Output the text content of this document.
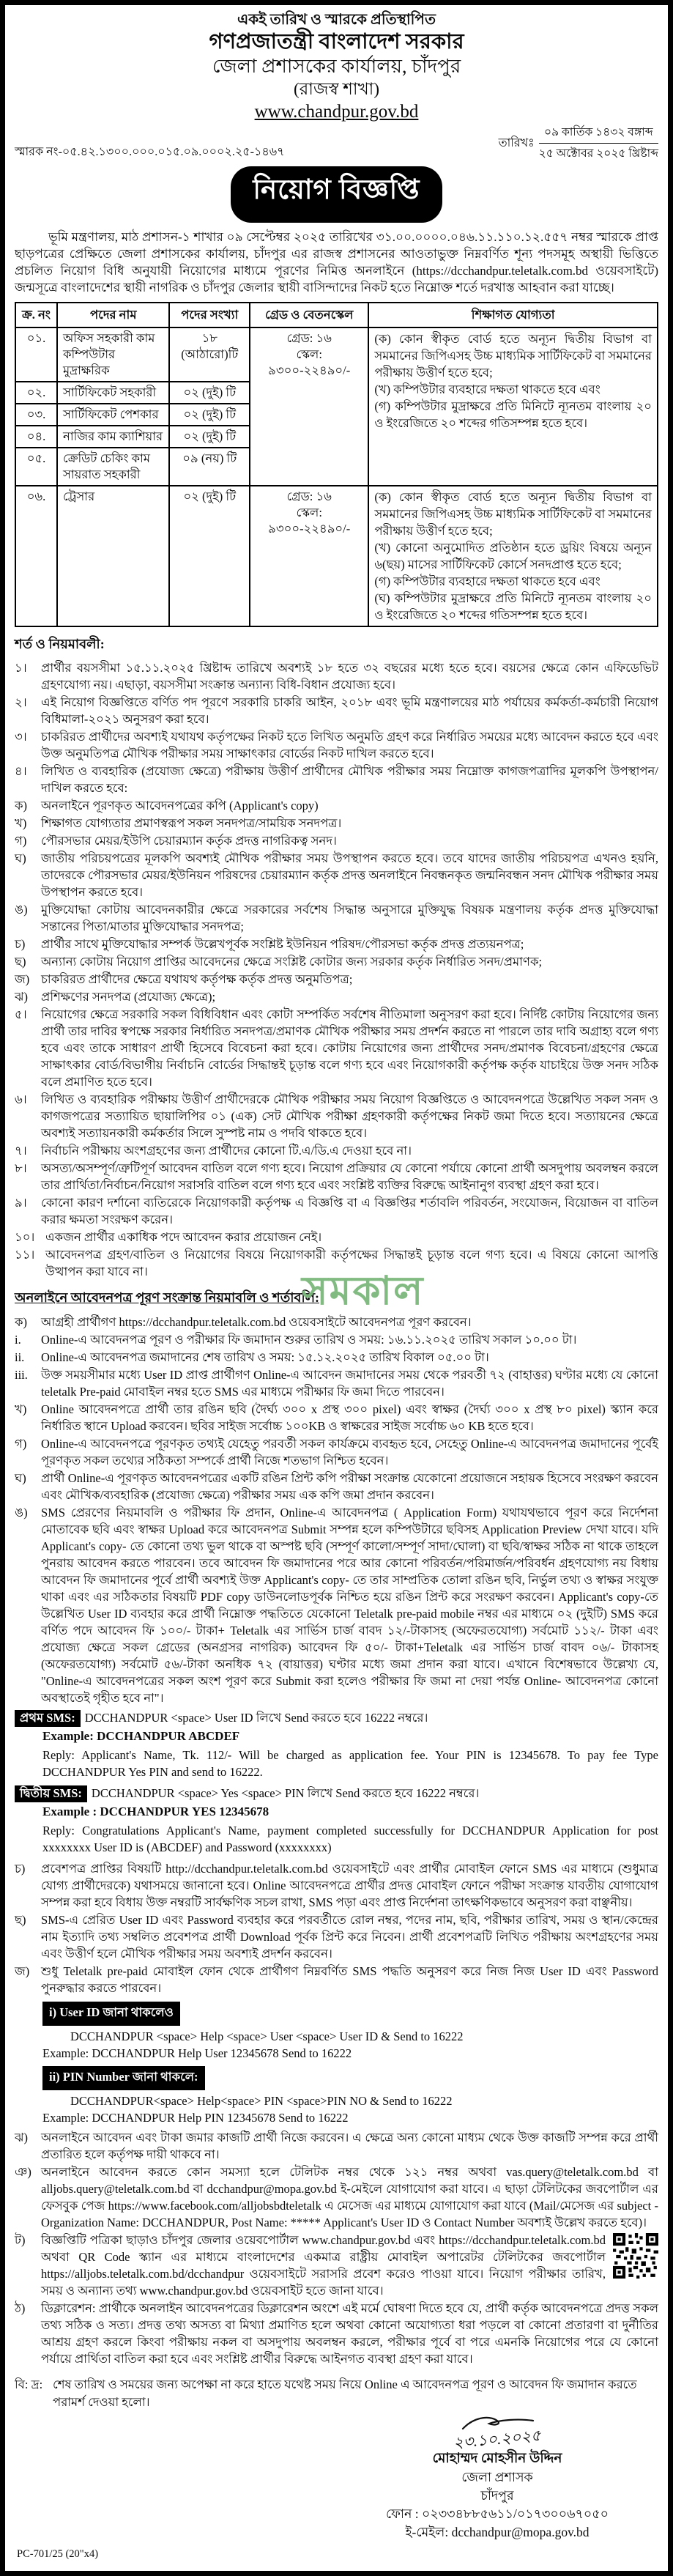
একই তারিখ ও স্মারকে প্রতিস্থাপিত
গণপ্রজাতন্ত্রী বাংলাদেশ সরকার
জেলা প্রশাসকের কার্যালয়, চাঁদপুর
(রাজস্ব শাখা)
www.chandpur.gov.bd
স্মারক নং-০৫.৪২.১৩০০.০০০.০১৫.০৯.০০০২.২৫-১৪৬৭
তারিখঃ
০৯ কার্তিক ১৪৩২ বঙ্গাব্দ
২৫ অক্টোবর ২০২৫ খ্রিষ্টাব্দ
নিয়োগ বিজ্ঞপ্তি

ভূমি মন্ত্রণালয়, মাঠ প্রশাসন-১ শাখার ০৯ সেপ্টেম্বর ২০২৫ তারিখের ৩১.০০.০০০০.০৪৬.১১.১১০.১২.৫৫৭ নম্বর স্মারকে প্রাপ্ত ছাড়পত্রের প্রেক্ষিতে জেলা প্রশাসকের কার্যালয়, চাঁদপুর এর রাজস্ব প্রশাসনের আওতাভুক্ত নিম্নবর্ণিত শূন্য পদসমূহ অস্থায়ী ভিত্তিতে প্রচলিত নিয়োগ বিধি অনুযায়ী নিয়োগের মাধ্যমে পূরণের নিমিত্ত অনলাইনে (https://dcchandpur.teletalk.com.bd ওয়েবসাইটে) জন্মসূত্রে বাংলাদেশের স্থায়ী নাগরিক ও চাঁদপুর জেলার স্থায়ী বাসিন্দাদের নিকট হতে নিম্নোক্ত শর্তে দরখাস্ত আহবান করা যাচ্ছে।

ক্র. নং	পদের নাম	পদের সংখ্যা	গ্রেড ও বেতনস্কেল	শিক্ষাগত যোগ্যতা
০১.	অফিস সহকারী কাম কম্পিউটার মুদ্রাক্ষরিক	১৮ (আঠারো)টি	
গ্রেড: ১৬
স্কেল: ৯৩০০-২২৪৯০/-

(ক) কোন স্বীকৃত বোর্ড হতে অন্যূন দ্বিতীয় বিভাগ বা সমমানের জিপিএসহ উচ্চ মাধ্যমিক সার্টিফিকেট বা সমমানের পরীক্ষায় উত্তীর্ণ হতে হবে;

(খ) কম্পিউটার ব্যবহারে দক্ষতা থাকতে হবে এবং

(গ) কম্পিউটার মুদ্রাক্ষরে প্রতি মিনিটে ন্যূনতম বাংলায় ২০ ও ইংরেজিতে ২০ শব্দের গতিসম্পন্ন হতে হবে।

০২.	সার্টিফিকেট সহকারী	০২ (দুই) টি		
০৩.	সার্টিফিকেট পেশকার	০২ (দুই) টি		
০৪.	নাজির কাম ক্যাশিয়ার	০২ (দুই) টি		
০৫.	ক্রেডিট চেকিং কাম সায়রাত সহকারী	০৯ (নয়) টি		
০৬.	ট্রেসার	০২ (দুই) টি	গ্রেড: ১৬
স্কেল: ৯৩০০-২২৪৯০/-

(ক) কোন স্বীকৃত বোর্ড হতে অন্যূন দ্বিতীয় বিভাগ বা সমমানের জিপিএসহ উচ্চ মাধ্যমিক সার্টিফিকেট বা সমমানের পরীক্ষায় উত্তীর্ণ হতে হবে;

(খ) কোনো অনুমোদিত প্রতিষ্ঠান হতে ড্রয়িং বিষয়ে অন্যূন ৬(ছয়) মাসের সার্টিফিকেট কোর্সে সনদপ্রাপ্ত হতে হবে;

(গ) কম্পিউটার ব্যবহারে দক্ষতা থাকতে হবে এবং

(ঘ) কম্পিউটার মুদ্রাক্ষরে প্রতি মিনিটে ন্যূনতম বাংলায় ২০ ও ইংরেজিতে ২০ শব্দের গতিসম্পন্ন হতে হবে।

শর্ত ও নিয়মাবলী:
১।	প্রার্থীর বয়সসীমা ১৫.১১.২০২৫ খ্রিষ্টাব্দ তারিখে অবশ্যই ১৮ হতে ৩২ বছরের মধ্যে হতে হবে। বয়সের ক্ষেত্রে কোন এফিডেভিট গ্রহণযোগ্য নয়। এছাড়া, বয়সসীমা সংক্রান্ত অন্যান্য বিধি-বিধান প্রযোজ্য হবে।
২।	এই নিয়োগ বিজ্ঞপ্তিতে বর্ণিত পদ পূরণে সরকারি চাকরি আইন, ২০১৮ এবং ভূমি মন্ত্রণালয়ের মাঠ পর্যায়ের কর্মকর্তা-কর্মচারী নিয়োগ বিধিমালা-২০২১ অনুসরণ করা হবে।
৩।	চাকরিরত প্রার্থীদের অবশ্যই যথাযথ কর্তৃপক্ষের নিকট হতে লিখিত অনুমতি গ্রহণ করে নির্ধারিত সময়ের মধ্যে আবেদন করতে হবে এবং উক্ত অনুমতিপত্র মৌখিক পরীক্ষার সময় সাক্ষাৎকার বোর্ডের নিকট দাখিল করতে হবে।
৪।	লিখিত ও ব্যবহারিক (প্রযোজ্য ক্ষেত্রে) পরীক্ষায় উত্তীর্ণ প্রার্থীদের মৌখিক পরীক্ষার সময় নিম্নোক্ত কাগজপত্রাদির মূলকপি উপস্থাপন/দাখিল করতে হবে:
ক)	অনলাইনে পূরণকৃত আবেদনপত্রের কপি (Applicant's copy)
খ)	শিক্ষাগত যোগ্যতার প্রমাণস্বরূপ সকল সনদপত্র/সাময়িক সনদপত্র।
গ)	পৌরসভার মেয়র/ইউপি চেয়ারম্যান কর্তৃক প্রদত্ত নাগরিকত্ব সনদ।
ঘ)	জাতীয় পরিচয়পত্রের মূলকপি অবশ্যই মৌখিক পরীক্ষার সময় উপস্থাপন করতে হবে। তবে যাদের জাতীয় পরিচয়পত্র এখনও হয়নি, তাদেরকে পৌরসভার মেয়র/ইউনিয়ন পরিষদের চেয়ারম্যান কর্তৃক প্রদত্ত অনলাইনে নিবন্ধনকৃত জন্মনিবন্ধন সনদ মৌখিক পরীক্ষার সময় উপস্থাপন করতে হবে।
ঙ)	মুক্তিযোদ্ধা কোটায় আবেদনকারীর ক্ষেত্রে সরকারের সর্বশেষ সিদ্ধান্ত অনুসারে মুক্তিযুদ্ধ বিষয়ক মন্ত্রণালয় কর্তৃক প্রদত্ত মুক্তিযোদ্ধা সন্তানের পিতা/মাতার মুক্তিযোদ্ধার সনদপত্র;
চ)	প্রার্থীর সাথে মুক্তিযোদ্ধার সম্পর্ক উল্লেখপূর্বক সংশ্লিষ্ট ইউনিয়ন পরিষদ/পৌরসভা কর্তৃক প্রদত্ত প্রত্যয়নপত্র;
ছ)	অন্যান্য কোটায় নিয়োগ প্রাপ্তির আবেদনের ক্ষেত্রে সংশ্লিষ্ট কোটার জন্য সরকার কর্তৃক নির্ধারিত সনদ/প্রমাণক;
জ) চাকরিরত প্রার্থীদের ক্ষেত্রে যথাযথ কর্তৃপক্ষ কর্তৃক প্রদত্ত অনুমতিপত্র;
ঝ)	প্রশিক্ষণের সনদপত্র (প্রযোজ্য ক্ষেত্রে);
৫।	নিয়োগের ক্ষেত্রে সরকারি সকল বিধিবিধান এবং কোটা সম্পর্কিত সর্বশেষ নীতিমালা অনুসরণ করা হবে। নির্দিষ্ট কোটায় নিয়োগের জন্য প্রার্থী তার দাবির স্বপক্ষে সরকার নির্ধারিত সনদপত্র/প্রমাণক মৌখিক পরীক্ষার সময় প্রদর্শন করতে না পারলে তার দাবি অগ্রাহ্য বলে গণ্য হবে এবং তাকে সাধারণ প্রার্থী হিসেবে বিবেচনা করা হবে। কোটায় নিয়োগের জন্য প্রার্থীদের সনদ/প্রমাণক বিবেচনা/গ্রহণের ক্ষেত্রে সাক্ষাৎকার বোর্ড/বিভাগীয় নির্বাচনি বোর্ডের সিদ্ধান্তই চূড়ান্ত বলে গণ্য হবে এবং নিয়োগকারী কর্তৃপক্ষ কর্তৃক যাচাইয়ে উক্ত সনদ সঠিক বলে প্রমাণিত হতে হবে।
৬।	লিখিত ও ব্যবহারিক পরীক্ষায় উত্তীর্ণ প্রার্থীদেরকে মৌখিক পরীক্ষার সময় নিয়োগ বিজ্ঞপ্তিতে ও আবেদনপত্রে উল্লেখিত সকল সনদ ও কাগজপত্রের সত্যায়িত ছায়ালিপির ০১ (এক) সেট মৌখিক পরীক্ষা গ্রহণকারী কর্তৃপক্ষের নিকট জমা দিতে হবে। সত্যায়নের ক্ষেত্রে অবশ্যই সত্যায়নকারী কর্মকর্তার সিলে সুস্পষ্ট নাম ও পদবি থাকতে হবে।
৭।	নির্বাচনি পরীক্ষায় অংশগ্রহণের জন্য প্রার্থীদের কোনো টি.এ/ডি.এ দেওয়া হবে না।
৮।	অসত্য/অসম্পূর্ণ/ত্রুটিপূর্ণ আবেদন বাতিল বলে গণ্য হবে। নিয়োগ প্রক্রিয়ার যে কোনো পর্যায়ে কোনো প্রার্থী অসদুপায় অবলম্বন করলে তার প্রার্থিতা/নির্বাচন/নিয়োগ সরাসরি বাতিল বলে গণ্য হবে এবং সংশ্লিষ্ট ব্যক্তির বিরুদ্ধে আইনানুগ ব্যবস্থা গ্রহণ করা হবে।
৯।	কোনো কারণ দর্শানো ব্যতিরেকে নিয়োগকারী কর্তৃপক্ষ এ বিজ্ঞপ্তি বা এ বিজ্ঞপ্তির শর্তাবলি পরিবর্তন, সংযোজন, বিয়োজন বা বাতিল করার ক্ষমতা সংরক্ষণ করেন।
১০। একজন প্রার্থীর একাধিক পদে আবেদন করার প্রয়োজন নেই।
১১। আবেদনপত্র গ্রহণ/বাতিল ও নিয়োগের বিষয়ে নিয়োগকারী কর্তৃপক্ষের সিদ্ধান্তই চূড়ান্ত বলে গণ্য হবে। এ বিষয়ে কোনো আপত্তি উত্থাপন করা যাবে না।
অনলাইনে আবেদনপত্র পূরণ সংক্রান্ত নিয়মাবলি ও শর্তাবলি:
সমকাল
ক)	আগ্রহী প্রার্থীগণ https://dcchandpur.teletalk.com.bd ওয়েবসাইটে আবেদনপত্র পূরণ করবেন।
i.	Online-এ আবেদনপত্র পূরণ ও পরীক্ষার ফি জমাদান শুরুর তারিখ ও সময়: ১৬.১১.২০২৫ তারিখ সকাল ১০.০০ টা।
ii.	Online-এ আবেদনপত্র জমাদানের শেষ তারিখ ও সময়: ১৫.১২.২০২৫ তারিখ বিকাল ০৫.০০ টা।
iii.	উক্ত সময়সীমার মধ্যে User ID প্রাপ্ত প্রার্থীগণ Online-এ আবেদন জমাদানের সময় থেকে পরবর্তী ৭২ (বাহাত্তর) ঘণ্টার মধ্যে যে কোনো teletalk Pre-paid মোবাইল নম্বর হতে SMS এর মাধ্যমে পরীক্ষার ফি জমা দিতে পারবেন।
খ)	Online আবেদনপত্রে প্রার্থী তার রঙিন ছবি (দৈর্ঘ্য ৩০০ x প্রস্থ ৩০০ pixel) এবং স্বাক্ষর (দৈর্ঘ্য ৩০০ x প্রস্থ ৮০ pixel) স্ক্যান করে নির্ধারিত স্থানে Upload করবেন। ছবির সাইজ সর্বোচ্চ ১০০KB ও স্বাক্ষরের সাইজ সর্বোচ্চ ৬০ KB হতে হবে।
গ)	Online-এ আবেদনপত্রে পূরণকৃত তথ্যই যেহেতু পরবর্তী সকল কার্যক্রমে ব্যবহৃত হবে, সেহেতু Online-এ আবেদনপত্র জমাদানের পূর্বেই পূরণকৃত সকল তথ্যের সঠিকতা সম্পর্কে প্রার্থী নিজে শতভাগ নিশ্চিত হবেন।
ঘ)	প্রার্থী Online-এ পূরণকৃত আবেদনপত্রের একটি রঙিন প্রিন্ট কপি পরীক্ষা সংক্রান্ত যেকোনো প্রয়োজনে সহায়ক হিসেবে সংরক্ষণ করবেন এবং মৌখিক/ব্যবহারিক (প্রযোজ্য ক্ষেত্রে) পরীক্ষার সময় এক কপি জমা প্রদান করবেন।
ঙ)	SMS প্রেরণের নিয়মাবলি ও পরীক্ষার ফি প্রদান, Online-এ আবেদনপত্র ( Application Form) যথাযথভাবে পূরণ করে নির্দেশনা মোতাবেক ছবি এবং স্বাক্ষর Upload করে আবেদনপত্র Submit সম্পন্ন হলে কম্পিউটারে ছবিসহ Application Preview দেখা যাবে। যদি Applicant's copy- তে কোনো তথ্য ভুল থাকে বা অস্পষ্ট ছবি (সম্পূর্ণ কালো/সম্পূর্ণ সাদা/ঘোলা) বা ছবি/স্বাক্ষর সঠিক না থাকে তাহলে পুনরায় আবেদন করতে পারবেন। তবে আবেদন ফি জমাদানের পরে আর কোনো পরিবর্তন/পরিমার্জন/পরিবর্ধন গ্রহণযোগ্য নয় বিধায় আবেদন ফি জমাদানের পূর্বে প্রার্থী অবশ্যই উক্ত Applicant's copy- তে তার সাম্প্রতিক তোলা রঙিন ছবি, নির্ভুল তথ্য ও স্বাক্ষর সংযুক্ত থাকা এবং এর সঠিকতার বিষয়টি PDF copy ডাউনলোডপূর্বক নিশ্চিত হয়ে রঙিন প্রিন্ট করে সংরক্ষণ করবেন। Applicant's copy-তে উল্লেখিত User ID ব্যবহার করে প্রার্থী নিম্নোক্ত পদ্ধতিতে যেকোনো Teletalk pre-paid mobile নম্বর এর মাধ্যমে ০২ (দুইটি) SMS করে বর্ণিত পদে আবেদন ফি ১০০/- টাকা+ Teletalk এর সার্ভিস চার্জ বাবদ ১২/-টাকাসহ (অফেরতযোগ্য) সর্বমোট ১১২/- টাকা এবং প্রযোজ্য ক্ষেত্রে সকল গ্রেডের (অনগ্রসর নাগরিক) আবেদন ফি ৫০/- টাকা+Teletalk এর সার্ভিস চার্জ বাবদ ০৬/- টাকাসহ (অফেরতযোগ্য) সর্বমোট ৫৬/-টাকা অনধিক ৭২ (বায়াত্তর) ঘণ্টার মধ্যে জমা প্রদান করা যাবে। এখানে বিশেষভাবে উল্লেখ্য যে, "Online-এ আবেদনপত্রের সকল অংশ পূরণ করে Submit করা হলেও পরীক্ষার ফি জমা না দেয়া পর্যন্ত Online- আবেদনপত্র কোনো অবস্থাতেই গৃহীত হবে না"।
প্রথম SMS: DCCHANDPUR <space> User ID লিখে Send করতে হবে 16222 নম্বরে।
Example: DCCHANDPUR ABCDEF
Reply: Applicant's Name, Tk. 112/- Will be charged as application fee. Your PIN is 12345678. To pay fee Type DCCHANDPUR Yes PIN and send to 16222.
দ্বিতীয় SMS: DCCHANDPUR <space> Yes <space> PIN লিখে Send করতে হবে 16222 নম্বরে।
Example : DCCHANDPUR YES 12345678
Reply: Congratulations Applicant's Name, payment completed successfully for DCCHANDPUR Application for post xxxxxxxx User ID is (ABCDEF) and Password (xxxxxxxx)
চ)	প্রবেশপত্র প্রাপ্তির বিষয়টি http://dcchandpur.teletalk.com.bd ওয়েবসাইটে এবং প্রার্থীর মোবাইল ফোনে SMS এর মাধ্যমে (শুধুমাত্র যোগ্য প্রার্থীদেরকে) যথাসময়ে জানানো হবে। Online আবেদনপত্রে প্রার্থীর প্রদত্ত মোবাইল ফোনে পরীক্ষা সংক্রান্ত যাবতীয় যোগাযোগ সম্পন্ন করা হবে বিধায় উক্ত নম্বরটি সার্বক্ষণিক সচল রাখা, SMS পড়া এবং প্রাপ্ত নির্দেশনা তাৎক্ষণিকভাবে অনুসরণ করা বাঞ্ছনীয়।
ছ)	SMS-এ প্রেরিত User ID এবং Password ব্যবহার করে পরবর্তীতে রোল নম্বর, পদের নাম, ছবি, পরীক্ষার তারিখ, সময় ও স্থান/কেন্দ্রের নাম ইত্যাদি তথ্য সম্বলিত প্রবেশপত্র প্রার্থী Download পূর্বক প্রিন্ট করে নিবেন। প্রার্থী প্রবেশপত্রটি লিখিত পরীক্ষায় অংশগ্রহণের সময় এবং উত্তীর্ণ হলে মৌখিক পরীক্ষার সময় অবশ্যই প্রদর্শন করবেন।
জ) শুধু Teletalk pre-paid মোবাইল ফোন থেকে প্রার্থীগণ নিম্নবর্ণিত SMS পদ্ধতি অনুসরণ করে নিজ নিজ User ID এবং Password পুনরুদ্ধার করতে পারবেন।
i) User ID জানা থাকলেও
DCCHANDPUR <space> Help <space> User <space> User ID & Send to 16222
Example: DCCHANDPUR Help User 12345678 Send to 16222
ii) PIN Number জানা থাকলে:
DCCHANDPUR<space> Help<space> PIN <space>PIN NO & Send to 16222
Example: DCCHANDPUR Help PIN 12345678 Send to 16222
ঝ)	অনলাইনে আবেদন এবং টাকা জমার কাজটি প্রার্থী নিজে করবেন। এ ক্ষেত্রে অন্য কোনো মাধ্যম থেকে উক্ত কাজটি সম্পন্ন করে প্রার্থী প্রতারিত হলে কর্তৃপক্ষ দায়ী থাকবে না।
ঞ) অনলাইনে আবেদন করতে কোন সমস্যা হলে টেলিটক নম্বর থেকে ১২১ নম্বর অথবা vas.query@teletalk.com.bd বা alljobs.query@teletalk.com.bd বা dcchandpur@mopa.gov.bd ই-মেইলে যোগাযোগ করা যাবে। এ ছাড়া টেলিটকের জবপোর্টাল এর ফেসবুক পেজ https://www.facebook.com/alljobsbdteletalk এ মেসেজ এর মাধ্যমে যোগাযোগ করা যাবে (Mail/মেসেজ এর subject - Organization Name: DCCHANDPUR, Post Name: ***** Applicant's User ID ও Contact Number অবশ্যই উল্লেখ করতে হবে)।
ট)	বিজ্ঞপ্তিটি পত্রিকা ছাড়াও চাঁদপুর জেলার ওয়েবপোর্টাল www.chandpur.gov.bd এবং https://dcchandpur.teletalk.com.bd অথবা QR Code স্ক্যান এর মাধ্যমে বাংলাদেশের একমাত্র রাষ্ট্রীয় মোবাইল অপারেটর টেলিটকের জবপোর্টাল https://alljobs.teletalk.com.bd/dcchandpur ওয়েবসাইটে সরাসরি প্রবেশ করেও পাওয়া যাবে। নিয়োগ পরীক্ষার তারিখ, সময় ও অন্যান্য তথ্য www.chandpur.gov.bd ওয়েবসাইট হতে জানা যাবে।
ঠ)	ডিক্লারেশন: প্রার্থীকে অনলাইন আবেদনপত্রের ডিক্লারেশন অংশে এই মর্মে ঘোষণা দিতে হবে যে, প্রার্থী কর্তৃক আবেদনপত্রে প্রদত্ত সকল তথ্য সঠিক ও সত্য। প্রদত্ত তথ্য অসত্য বা মিথ্যা প্রমাণিত হলে অথবা কোনো অযোগ্যতা ধরা পড়লে বা কোনো প্রতারণা বা দুর্নীতির আশ্রয় গ্রহণ করলে কিংবা পরীক্ষায় নকল বা অসদুপায় অবলম্বন করলে, পরীক্ষার পূর্বে বা পরে এমনকি নিয়োগের পরে যে কোনো পর্যায়ে প্রার্থিতা বাতিল করা হবে এবং সংশ্লিষ্ট প্রার্থীর বিরুদ্ধে আইনগত ব্যবস্থা গ্রহণ করা যাবে।
বি: দ্র: শেষ তারিখ ও সময়ের জন্য অপেক্ষা না করে হাতে যথেষ্ট সময় নিয়ে Online এ আবেদনপত্র পূরণ ও আবেদন ফি জমাদান করতে পরামর্শ দেওয়া হলো।
২৩.১০.২০২৫
মোহাম্মদ মোহসীন উদ্দিন
জেলা প্রশাসক
চাঁদপুর
ফোন : ০২৩৩৪৮৮৫৬১১/০১৭৩০০৬৭০৫০
ই-মেইল: dcchandpur@mopa.gov.bd
PC-701/25 (20"x4)
